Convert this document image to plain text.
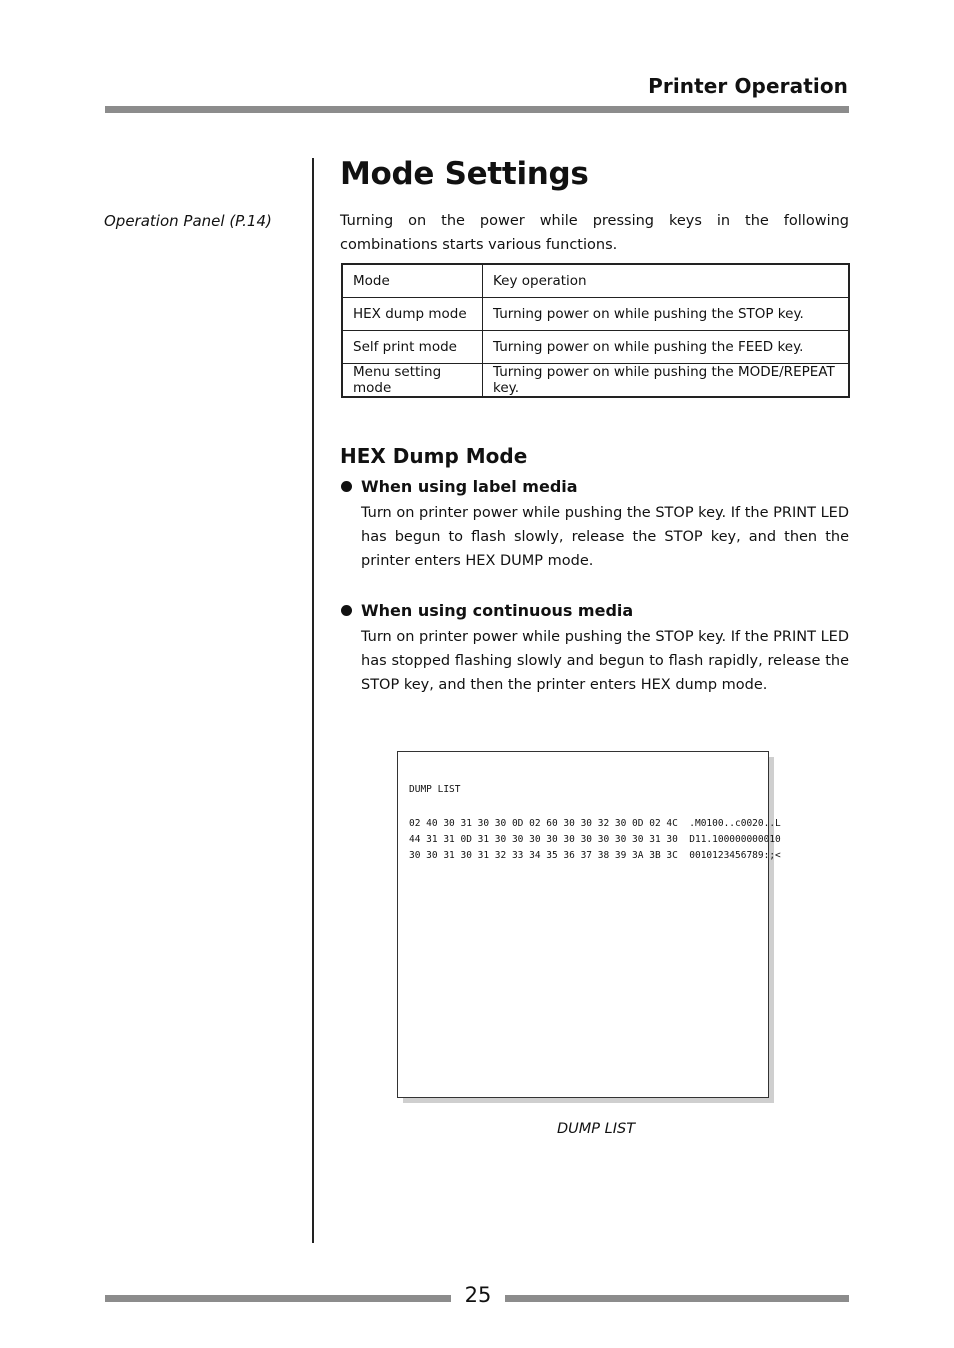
Printer Operation
Operation Panel (P.14)
Mode Settings

Turning on the power while pressing keys in the following combinations starts various functions.

Mode	Key operation
HEX dump mode	Turning power on while pushing the STOP key.
Self print mode	Turning power on while pushing the FEED key.
Menu setting mode	Turning power on while pushing the MODE/REPEAT key.
HEX Dump Mode
When using label media

Turn on printer power while pushing the STOP key. If the PRINT LED has begun to flash slowly, release the STOP key, and then the printer enters HEX DUMP mode.

When using continuous media

Turn on printer power while pushing the STOP key. If the PRINT LED has stopped flashing slowly and begun to flash rapidly, release the STOP key, and then the printer enters HEX dump mode.

DUMP LIST
02 40 30 31 30 30 0D 02 60 30 30 32 30 0D 02 4C  .M0100..c0020..L
44 31 31 0D 31 30 30 30 30 30 30 30 30 30 31 30  D11.100000000010
30 30 31 30 31 32 33 34 35 36 37 38 39 3A 3B 3C  0010123456789:;<
DUMP LIST
25
